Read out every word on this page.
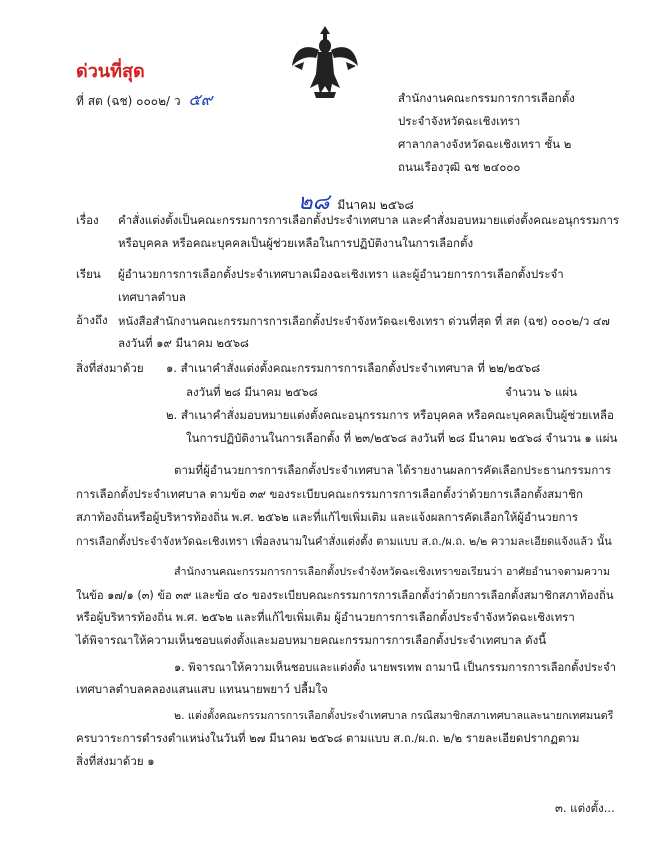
ด่วนที่สุด
ที่ สต (ฉช) ๐๐๐๒/ ว ๕๙	สำนักงานคณะกรรมการการเลือกตั้ง
ประจำจังหวัดฉะเชิงเทรา
ศาลากลางจังหวัดฉะเชิงเทรา ชั้น ๒
ถนนเรืองวุฒิ ฉช ๒๔๐๐๐
๒๘ มีนาคม ๒๕๖๘
เรื่อง คำสั่งแต่งตั้งเป็นคณะกรรมการการเลือกตั้งประจำเทศบาล และคำสั่งมอบหมายแต่งตั้งคณะอนุกรรมการ
หรือบุคคล หรือคณะบุคคลเป็นผู้ช่วยเหลือในการปฏิบัติงานในการเลือกตั้ง
เรียน ผู้อำนวยการการเลือกตั้งประจำเทศบาลเมืองฉะเชิงเทรา และผู้อำนวยการการเลือกตั้งประจำ
เทศบาลตำบล
อ้างถึง หนังสือสำนักงานคณะกรรมการการเลือกตั้งประจำจังหวัดฉะเชิงเทรา ด่วนที่สุด ที่ สต (ฉช) ๐๐๐๒/ว ๔๗
ลงวันที่ ๑๙ มีนาคม ๒๕๖๘
สิ่งที่ส่งมาด้วย ๑. สำเนาคำสั่งแต่งตั้งคณะกรรมการการเลือกตั้งประจำเทศบาล ที่ ๒๒/๒๕๖๘
ลงวันที่ ๒๘ มีนาคม ๒๕๖๘	จำนวน ๖ แผ่น
๒. สำเนาคำสั่งมอบหมายแต่งตั้งคณะอนุกรรมการ หรือบุคคล หรือคณะบุคคลเป็นผู้ช่วยเหลือ
ในการปฏิบัติงานในการเลือกตั้ง ที่ ๒๓/๒๕๖๘ ลงวันที่ ๒๘ มีนาคม ๒๕๖๘ จำนวน ๑ แผ่น
ตามที่ผู้อำนวยการการเลือกตั้งประจำเทศบาล ได้รายงานผลการคัดเลือกประธานกรรมการ
การเลือกตั้งประจำเทศบาล ตามข้อ ๓๙ ของระเบียบคณะกรรมการการเลือกตั้งว่าด้วยการเลือกตั้งสมาชิก
สภาท้องถิ่นหรือผู้บริหารท้องถิ่น พ.ศ. ๒๕๖๒ และที่แก้ไขเพิ่มเติม และแจ้งผลการคัดเลือกให้ผู้อำนวยการ
การเลือกตั้งประจำจังหวัดฉะเชิงเทรา เพื่อลงนามในคำสั่งแต่งตั้ง ตามแบบ ส.ถ./ผ.ถ. ๒/๒ ความละเอียดแจ้งแล้ว นั้น
สำนักงานคณะกรรมการการเลือกตั้งประจำจังหวัดฉะเชิงเทราขอเรียนว่า อาศัยอำนาจตามความ
ในข้อ ๑๗/๑ (๓) ข้อ ๓๙ และข้อ ๔๐ ของระเบียบคณะกรรมการการเลือกตั้งว่าด้วยการเลือกตั้งสมาชิกสภาท้องถิ่น
หรือผู้บริหารท้องถิ่น พ.ศ. ๒๕๖๒ และที่แก้ไขเพิ่มเติม ผู้อำนวยการการเลือกตั้งประจำจังหวัดฉะเชิงเทรา
ได้พิจารณาให้ความเห็นชอบแต่งตั้งและมอบหมายคณะกรรมการการเลือกตั้งประจำเทศบาล ดังนี้
๑. พิจารณาให้ความเห็นชอบและแต่งตั้ง นายพรเทพ ถามานี เป็นกรรมการการเลือกตั้งประจำ
เทศบาลตำบลคลองแสนแสบ แทนนายพยาว์ ปลื้มใจ
๒. แต่งตั้งคณะกรรมการการเลือกตั้งประจำเทศบาล กรณีสมาชิกสภาเทศบาลและนายกเทศมนตรี
ครบวาระการดำรงตำแหน่งในวันที่ ๒๗ มีนาคม ๒๕๖๘ ตามแบบ ส.ถ./ผ.ถ. ๒/๒ รายละเอียดปรากฏตาม
สิ่งที่ส่งมาด้วย ๑
๓. แต่งตั้ง...
